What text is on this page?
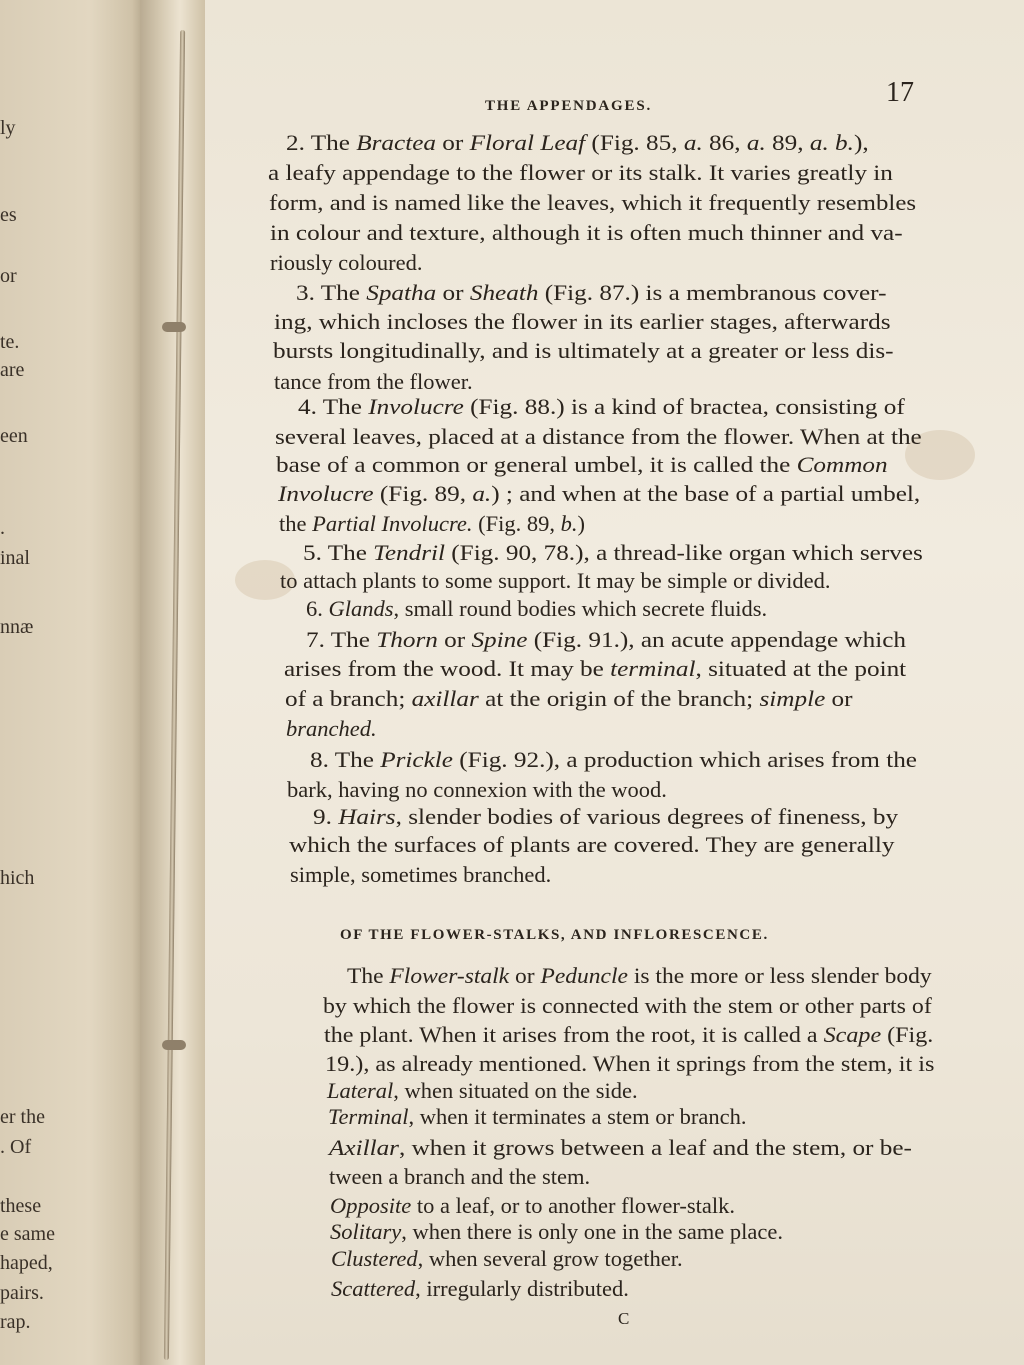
ly
es
or
te.
are
een
.
inal
nnæ
hich
er the
. Of
these
e same
haped,
pairs.
rap.
THE APPENDAGES.	17
OF THE FLOWER-STALKS, AND INFLORESCENCE.
C
2. The Bractea or Floral Leaf (Fig. 85, a. 86, a. 89, a. b.),
a leafy appendage to the flower or its stalk. It varies greatly in
form, and is named like the leaves, which it frequently resembles
in colour and texture, although it is often much thinner and va-
riously coloured.
3. The Spatha or Sheath (Fig. 87.) is a membranous cover-
ing, which incloses the flower in its earlier stages, afterwards
bursts longitudinally, and is ultimately at a greater or less dis-
tance from the flower.
4. The Involucre (Fig. 88.) is a kind of bractea, consisting of
several leaves, placed at a distance from the flower. When at the
base of a common or general umbel, it is called the Common
Involucre (Fig. 89, a.) ; and when at the base of a partial umbel,
the Partial Involucre. (Fig. 89, b.)
5. The Tendril (Fig. 90, 78.), a thread-like organ which serves
to attach plants to some support. It may be simple or divided.
6. Glands, small round bodies which secrete fluids.
7. The Thorn or Spine (Fig. 91.), an acute appendage which
arises from the wood. It may be terminal, situated at the point
of a branch; axillar at the origin of the branch; simple or
branched.
8. The Prickle (Fig. 92.), a production which arises from the
bark, having no connexion with the wood.
9. Hairs, slender bodies of various degrees of fineness, by
which the surfaces of plants are covered. They are generally
simple, sometimes branched.
The Flower-stalk or Peduncle is the more or less slender body
by which the flower is connected with the stem or other parts of
the plant. When it arises from the root, it is called a Scape (Fig.
19.), as already mentioned. When it springs from the stem, it is
Lateral, when situated on the side.
Terminal, when it terminates a stem or branch.
Axillar, when it grows between a leaf and the stem, or be-
tween a branch and the stem.
Opposite to a leaf, or to another flower-stalk.
Solitary, when there is only one in the same place.
Clustered, when several grow together.
Scattered, irregularly distributed.
